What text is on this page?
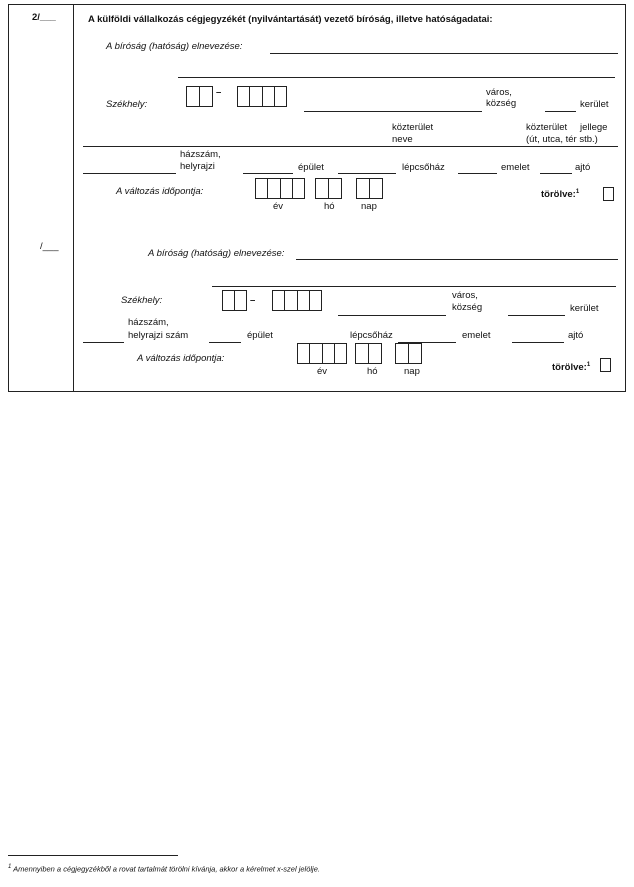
2/___	A külföldi vállalkozás cégjegyzékét (nyilvántartását) vezető bíróság, illetve hatóságadatai:
A bíróság (hatóság) elnevezése:
Székhely:
–	város,
község	kerület
közterület
neve
közterület jellege
(út, utca, tér stb.)
házszám,
helyrajzi	épület	lépcsőház	emelet	ajtó
A változás időpontja:
év	hó	nap
törölve:$^1$
/___
A bíróság (hatóság) elnevezése:
Székhely:	–	város,
község	kerület
házszám,
helyrajzi szám	épület	lépcsőház	emelet	ajtó
A változás időpontja:
év	hó	nap	törölve:$^1$
$^1$ Amennyiben a cégjegyzékből a rovat tartalmát törölni kívánja, akkor a kérelmet x-szel jelölje.
